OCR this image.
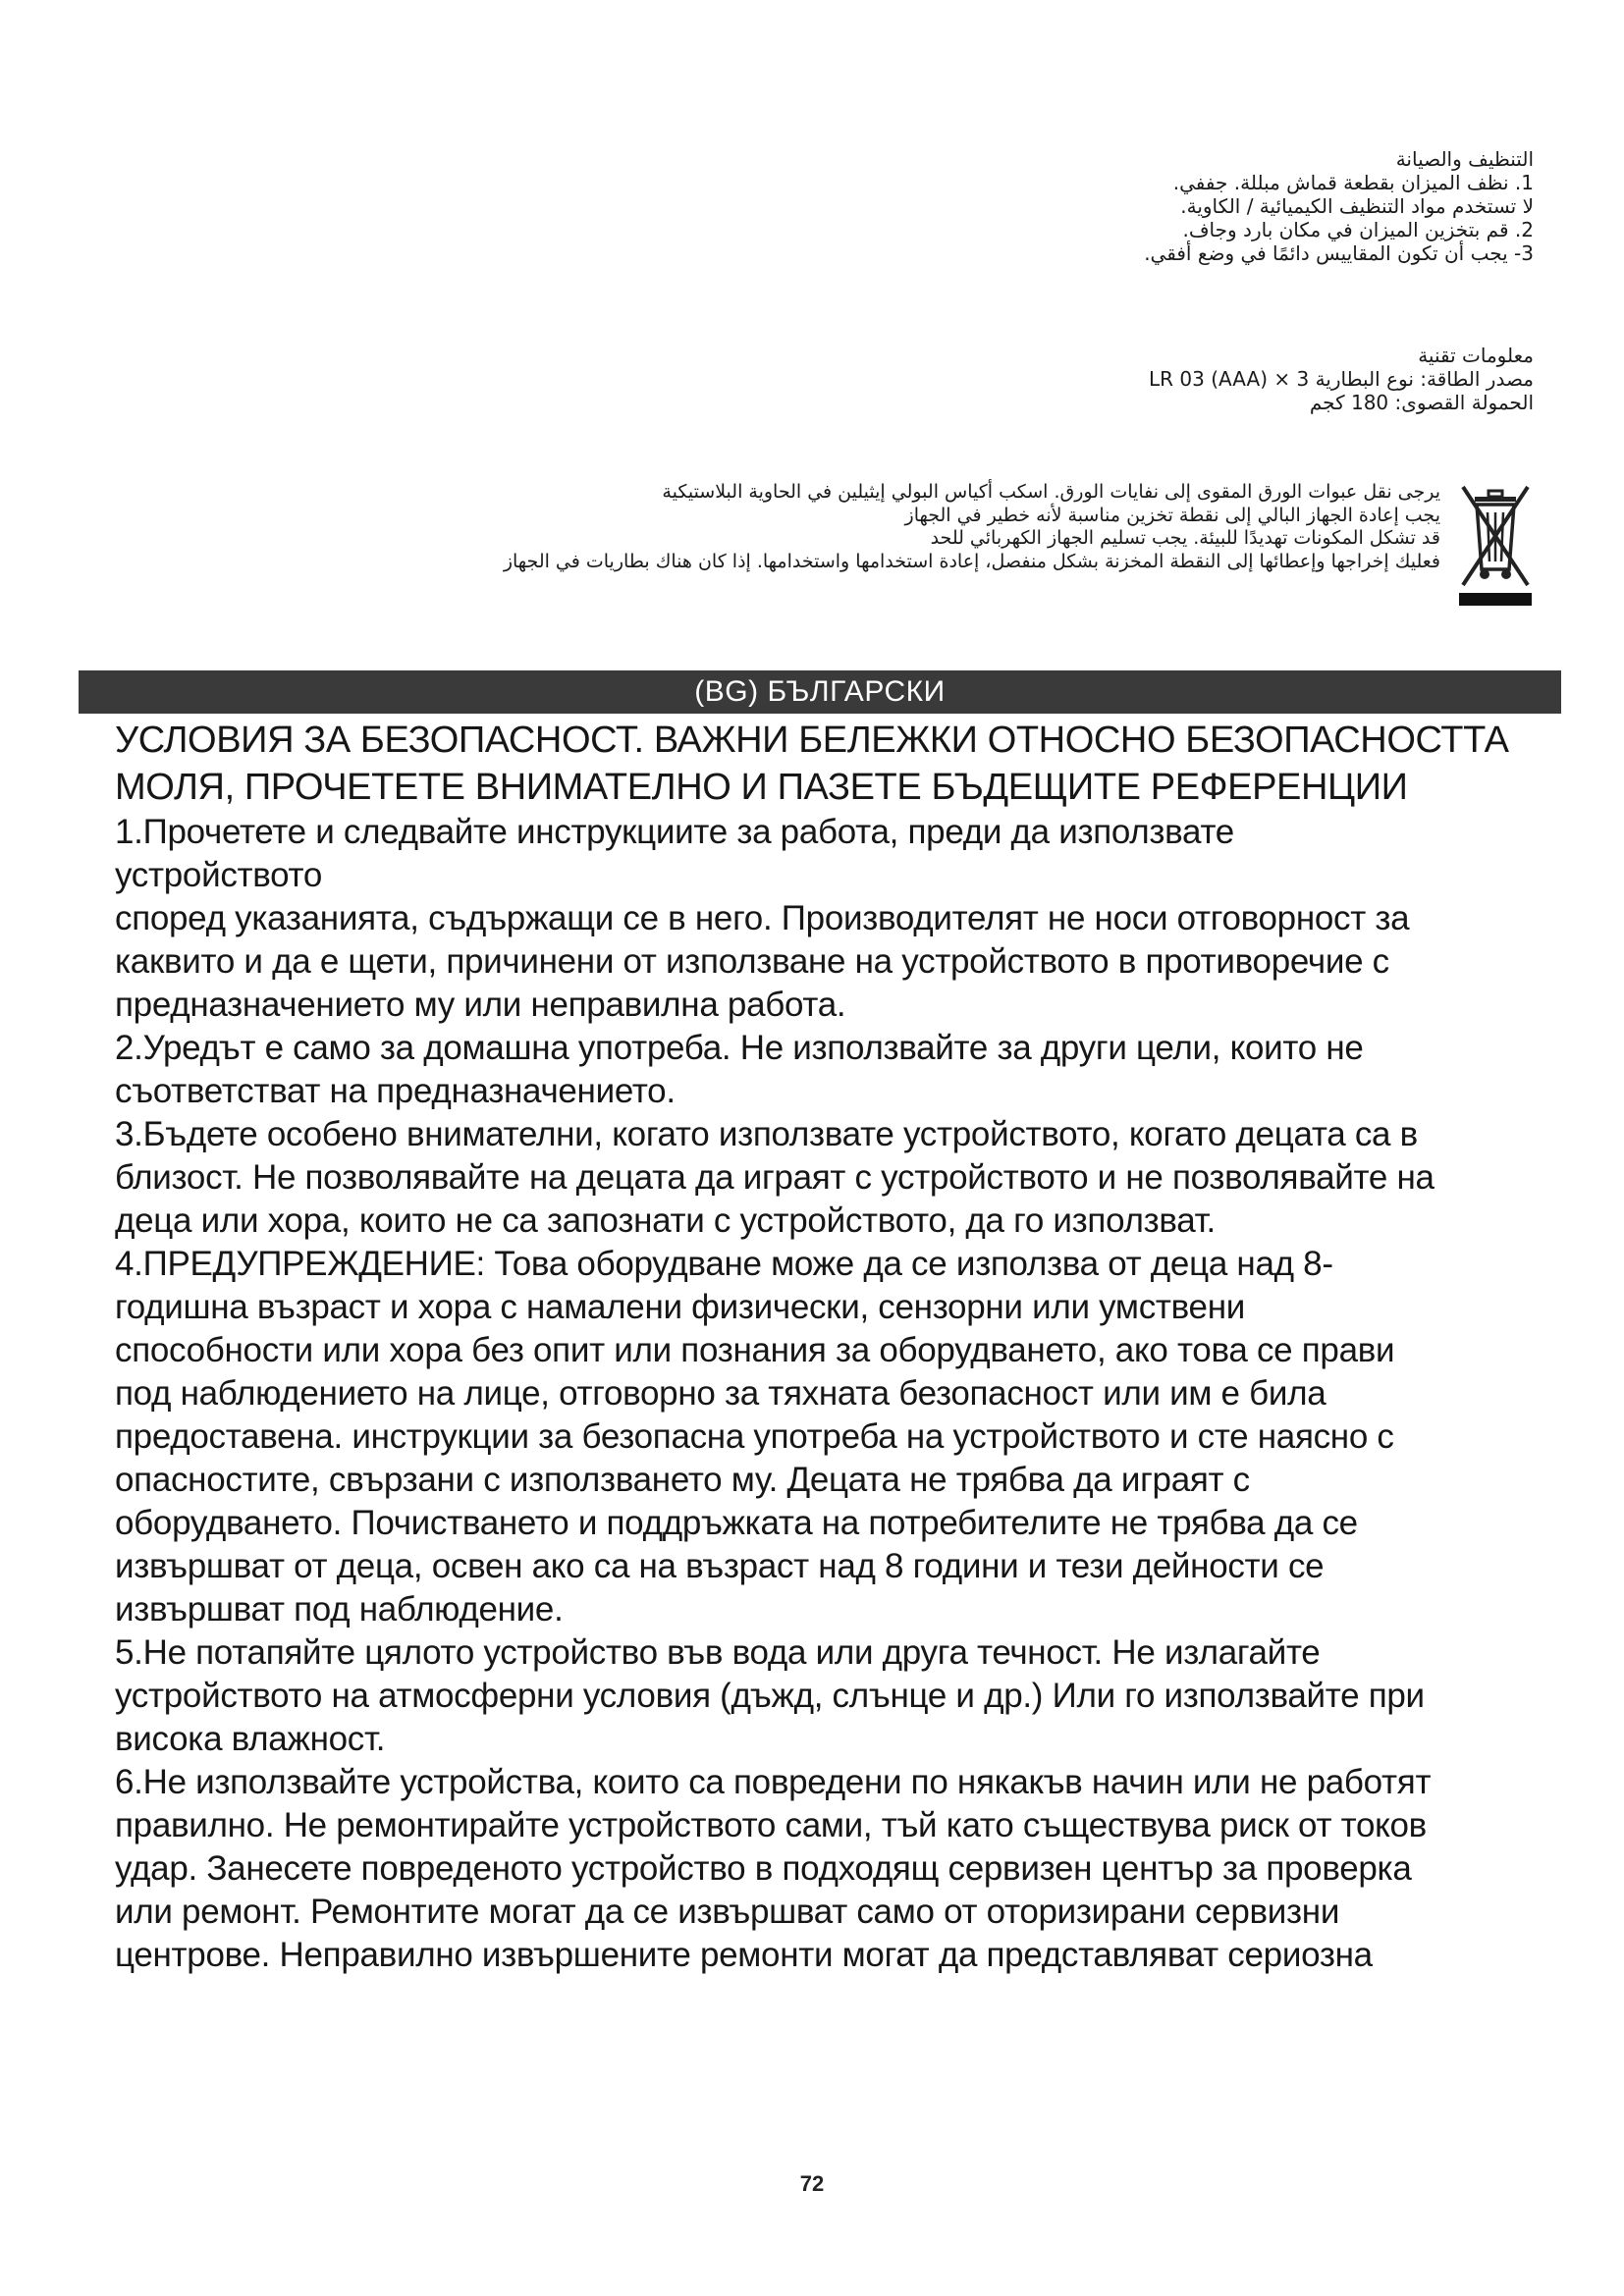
التنظيف والصيانة
1. نظف الميزان بقطعة قماش مبللة. جففي.
لا تستخدم مواد التنظيف الكيميائية / الكاوية.
2. قم بتخزين الميزان في مكان بارد وجاف.
3- يجب أن تكون المقاييس دائمًا في وضع أفقي.
معلومات تقنية
مصدر الطاقة: نوع البطارية 3 × LR 03 (AAA)
الحمولة القصوى: 180 كجم
يرجى نقل عبوات الورق المقوى إلى نفايات الورق. اسكب أكياس البولي إيثيلين في الحاوية البلاستيكية
يجب إعادة الجهاز البالي إلى نقطة تخزين مناسبة لأنه خطير في الجهاز
قد تشكل المكونات تهديدًا للبيئة. يجب تسليم الجهاز الكهربائي للحد
فعليك إخراجها وإعطائها إلى النقطة المخزنة بشكل منفصل، إعادة استخدامها واستخدامها. إذا كان هناك بطاريات في الجهاز
(BG) БЪЛГАРСКИ
УСЛОВИЯ ЗА БЕЗОПАСНОСТ. ВАЖНИ БЕЛЕЖКИ ОТНОСНО БЕЗОПАСНОСТТА
МОЛЯ, ПРОЧЕТЕТЕ ВНИМАТЕЛНО И ПАЗЕТЕ БЪДЕЩИТЕ РЕФЕРЕНЦИИ
1.Прочетете и следвайте инструкциите за работа, преди да използвате
устройството
според указанията, съдържащи се в него. Производителят не носи отговорност за
каквито и да е щети, причинени от използване на устройството в противоречие с
предназначението му или неправилна работа.
2.Уредът е само за домашна употреба. Не използвайте за други цели, които не
съответстват на предназначението.
3.Бъдете особено внимателни, когато използвате устройството, когато децата са в
близост. Не позволявайте на децата да играят с устройството и не позволявайте на
деца или хора, които не са запознати с устройството, да го използват.
4.ПРЕДУПРЕЖДЕНИЕ: Това оборудване може да се използва от деца над 8-
годишна възраст и хора с намалени физически, сензорни или умствени
способности или хора без опит или познания за оборудването, ако това се прави
под наблюдението на лице, отговорно за тяхната безопасност или им е била
предоставена. инструкции за безопасна употреба на устройството и сте наясно с
опасностите, свързани с използването му. Децата не трябва да играят с
оборудването. Почистването и поддръжката на потребителите не трябва да се
извършват от деца, освен ако са на възраст над 8 години и тези дейности се
извършват под наблюдение.
5.Не потапяйте цялото устройство във вода или друга течност. Не излагайте
устройството на атмосферни условия (дъжд, слънце и др.) Или го използвайте при
висока влажност.
6.Не използвайте устройства, които са повредени по някакъв начин или не работят
правилно. Не ремонтирайте устройството сами, тъй като съществува риск от токов
удар. Занесете повреденото устройство в подходящ сервизен център за проверка
или ремонт. Ремонтите могат да се извършват само от оторизирани сервизни
центрове. Неправилно извършените ремонти могат да представляват сериозна
72
